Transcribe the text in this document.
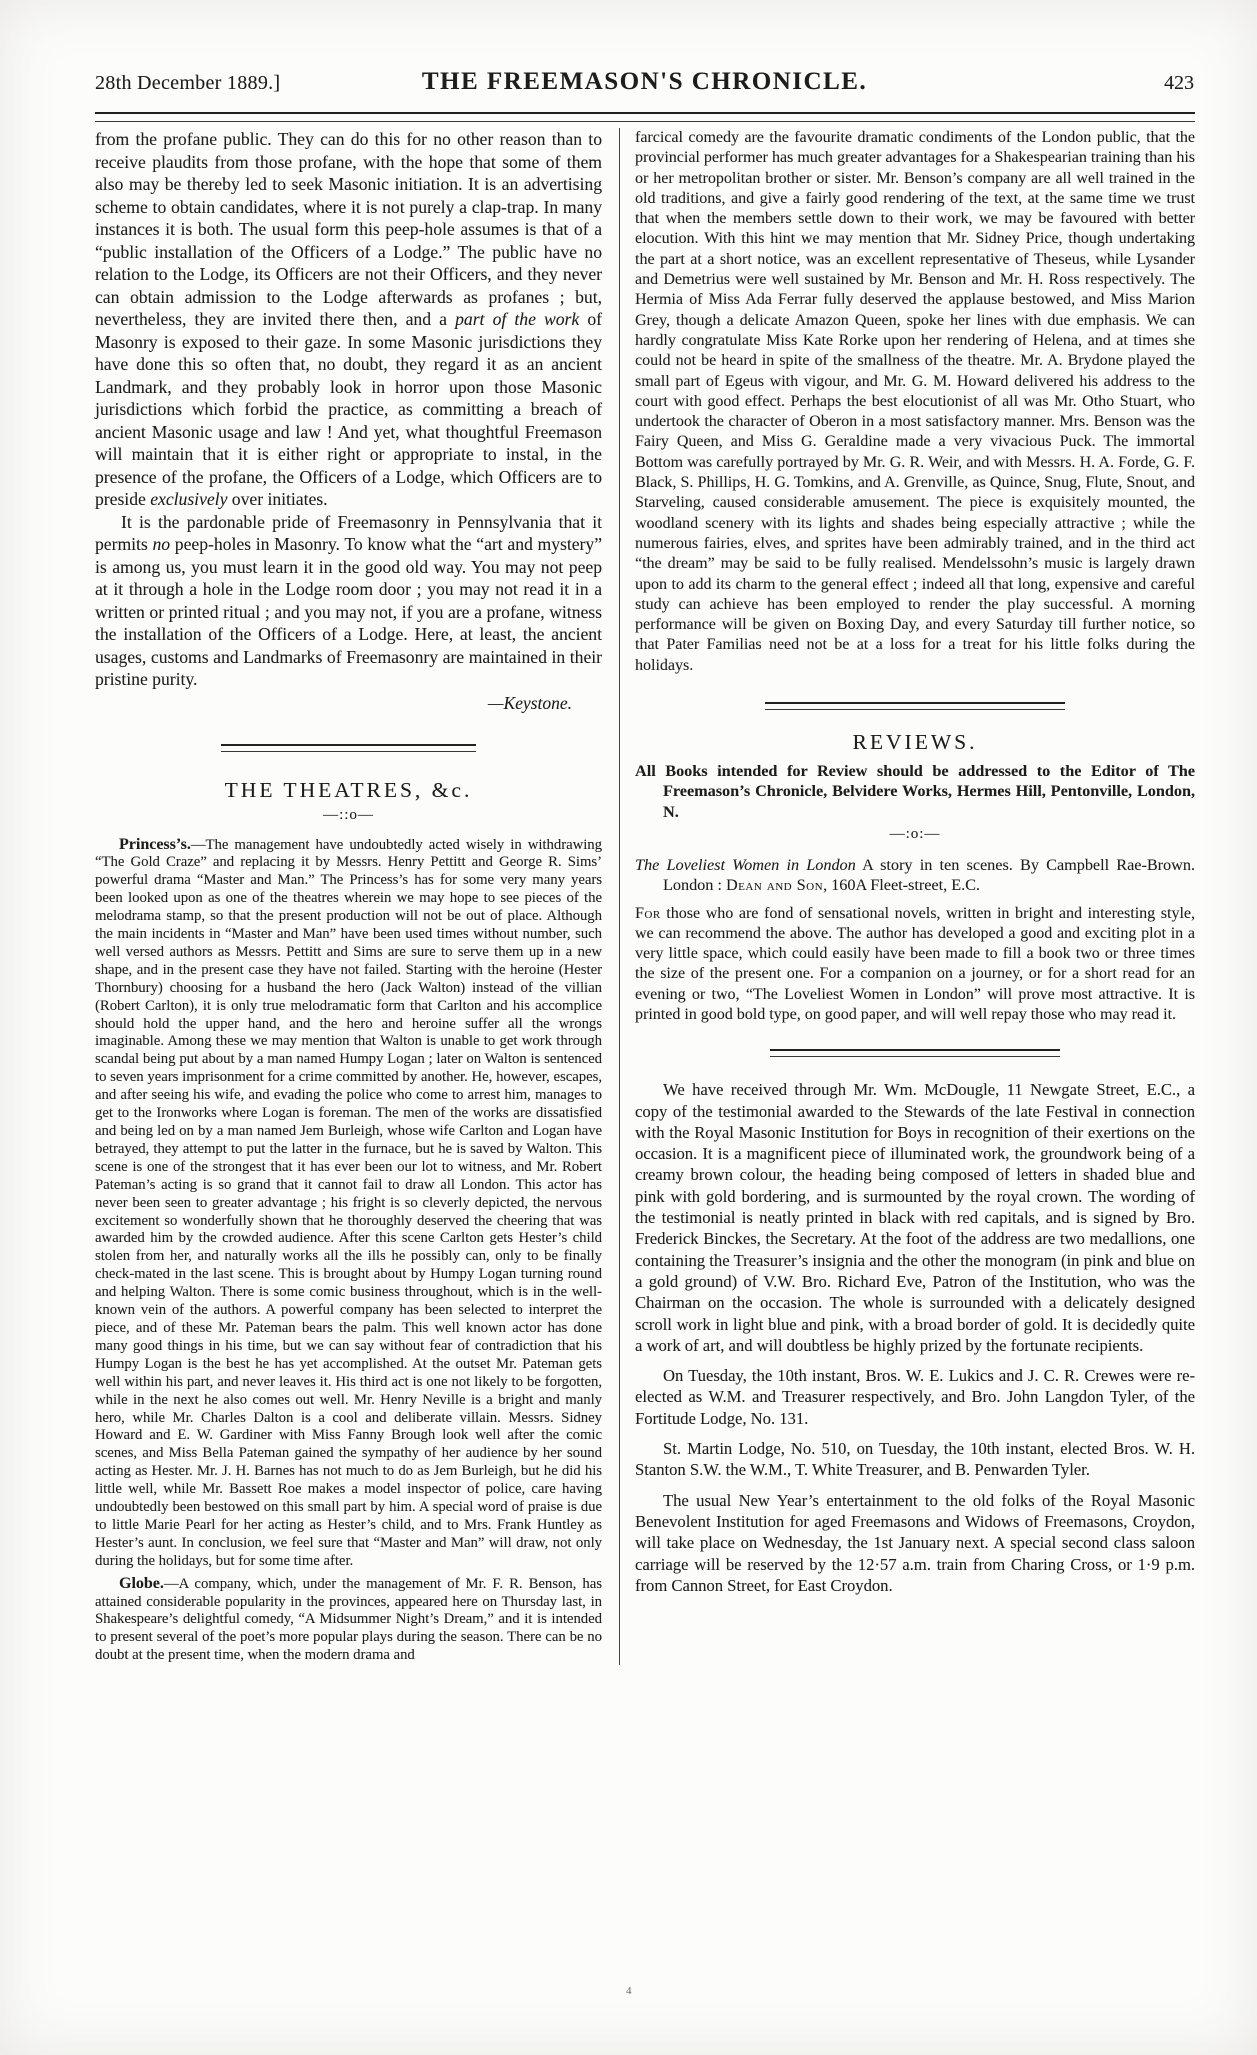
28th December 1889.]	THE FREEMASON'S CHRONICLE.	423

from the profane public. They can do this for no other reason than to receive plaudits from those profane, with the hope that some of them also may be thereby led to seek Masonic initiation. It is an advertising scheme to obtain candidates, where it is not purely a clap-trap. In many instances it is both. The usual form this peep-hole assumes is that of a “public installation of the Officers of a Lodge.” The public have no relation to the Lodge, its Officers are not their Officers, and they never can obtain admission to the Lodge afterwards as profanes ; but, nevertheless, they are invited there then, and a part of the work of Masonry is exposed to their gaze. In some Masonic jurisdictions they have done this so often that, no doubt, they regard it as an ancient Landmark, and they probably look in horror upon those Masonic jurisdictions which forbid the practice, as committing a breach of ancient Masonic usage and law ! And yet, what thoughtful Freemason will maintain that it is either right or appropriate to instal, in the presence of the profane, the Officers of a Lodge, which Officers are to preside exclusively over initiates.

It is the pardonable pride of Freemasonry in Pennsylvania that it permits no peep-holes in Masonry. To know what the “art and mystery” is among us, you must learn it in the good old way. You may not peep at it through a hole in the Lodge room door ; you may not read it in a written or printed ritual ; and you may not, if you are a profane, witness the installation of the Officers of a Lodge. Here, at least, the ancient usages, customs and Landmarks of Freemasonry are maintained in their pristine purity.

—Keystone.

THE THEATRES, &c.
—::o—

Princess’s.—The management have undoubtedly acted wisely in withdrawing “The Gold Craze” and replacing it by Messrs. Henry Pettitt and George R. Sims’ powerful drama “Master and Man.” The Princess’s has for some very many years been looked upon as one of the theatres wherein we may hope to see pieces of the melodrama stamp, so that the present production will not be out of place. Although the main incidents in “Master and Man” have been used times without number, such well versed authors as Messrs. Pettitt and Sims are sure to serve them up in a new shape, and in the present case they have not failed. Starting with the heroine (Hester Thornbury) choosing for a husband the hero (Jack Walton) instead of the villian (Robert Carlton), it is only true melodramatic form that Carlton and his accomplice should hold the upper hand, and the hero and heroine suffer all the wrongs imaginable. Among these we may mention that Walton is unable to get work through scandal being put about by a man named Humpy Logan ; later on Walton is sentenced to seven years imprisonment for a crime committed by another. He, however, escapes, and after seeing his wife, and evading the police who come to arrest him, manages to get to the Ironworks where Logan is foreman. The men of the works are dissatisfied and being led on by a man named Jem Burleigh, whose wife Carlton and Logan have betrayed, they attempt to put the latter in the furnace, but he is saved by Walton. This scene is one of the strongest that it has ever been our lot to witness, and Mr. Robert Pateman’s acting is so grand that it cannot fail to draw all London. This actor has never been seen to greater advantage ; his fright is so cleverly depicted, the nervous excitement so wonderfully shown that he thoroughly deserved the cheering that was awarded him by the crowded audience. After this scene Carlton gets Hester’s child stolen from her, and naturally works all the ills he possibly can, only to be finally check-mated in the last scene. This is brought about by Humpy Logan turning round and helping Walton. There is some comic business throughout, which is in the well-known vein of the authors. A powerful company has been selected to interpret the piece, and of these Mr. Pateman bears the palm. This well known actor has done many good things in his time, but we can say without fear of contradiction that his Humpy Logan is the best he has yet accomplished. At the outset Mr. Pateman gets well within his part, and never leaves it. His third act is one not likely to be forgotten, while in the next he also comes out well. Mr. Henry Neville is a bright and manly hero, while Mr. Charles Dalton is a cool and deliberate villain. Messrs. Sidney Howard and E. W. Gardiner with Miss Fanny Brough look well after the comic scenes, and Miss Bella Pateman gained the sympathy of her audience by her sound acting as Hester. Mr. J. H. Barnes has not much to do as Jem Burleigh, but he did his little well, while Mr. Bassett Roe makes a model inspector of police, care having undoubtedly been bestowed on this small part by him. A special word of praise is due to little Marie Pearl for her acting as Hester’s child, and to Mrs. Frank Huntley as Hester’s aunt. In conclusion, we feel sure that “Master and Man” will draw, not only during the holidays, but for some time after.

Globe.—A company, which, under the management of Mr. F. R. Benson, has attained considerable popularity in the provinces, appeared here on Thursday last, in Shakespeare’s delightful comedy, “A Midsummer Night’s Dream,” and it is intended to present several of the poet’s more popular plays during the season. There can be no doubt at the present time, when the modern drama and

farcical comedy are the favourite dramatic condiments of the London public, that the provincial performer has much greater advantages for a Shakespearian training than his or her metropolitan brother or sister. Mr. Benson’s company are all well trained in the old traditions, and give a fairly good rendering of the text, at the same time we trust that when the members settle down to their work, we may be favoured with better elocution. With this hint we may mention that Mr. Sidney Price, though undertaking the part at a short notice, was an excellent representative of Theseus, while Lysander and Demetrius were well sustained by Mr. Benson and Mr. H. Ross respectively. The Hermia of Miss Ada Ferrar fully deserved the applause bestowed, and Miss Marion Grey, though a delicate Amazon Queen, spoke her lines with due emphasis. We can hardly congratulate Miss Kate Rorke upon her rendering of Helena, and at times she could not be heard in spite of the smallness of the theatre. Mr. A. Brydone played the small part of Egeus with vigour, and Mr. G. M. Howard delivered his address to the court with good effect. Perhaps the best elocutionist of all was Mr. Otho Stuart, who undertook the character of Oberon in a most satisfactory manner. Mrs. Benson was the Fairy Queen, and Miss G. Geraldine made a very vivacious Puck. The immortal Bottom was carefully portrayed by Mr. G. R. Weir, and with Messrs. H. A. Forde, G. F. Black, S. Phillips, H. G. Tomkins, and A. Grenville, as Quince, Snug, Flute, Snout, and Starveling, caused considerable amusement. The piece is exquisitely mounted, the woodland scenery with its lights and shades being especially attractive ; while the numerous fairies, elves, and sprites have been admirably trained, and in the third act “the dream” may be said to be fully realised. Mendelssohn’s music is largely drawn upon to add its charm to the general effect ; indeed all that long, expensive and careful study can achieve has been employed to render the play successful. A morning performance will be given on Boxing Day, and every Saturday till further notice, so that Pater Familias need not be at a loss for a treat for his little folks during the holidays.

REVIEWS.

All Books intended for Review should be addressed to the Editor of The Freemason’s Chronicle, Belvidere Works, Hermes Hill, Pentonville, London, N.

—:o:—

The Loveliest Women in London A story in ten scenes. By Campbell Rae-Brown. London : Dean and Son, 160A Fleet-street, E.C.

For those who are fond of sensational novels, written in bright and interesting style, we can recommend the above. The author has developed a good and exciting plot in a very little space, which could easily have been made to fill a book two or three times the size of the present one. For a companion on a journey, or for a short read for an evening or two, “The Loveliest Women in London” will prove most attractive. It is printed in good bold type, on good paper, and will well repay those who may read it.

We have received through Mr. Wm. McDougle, 11 Newgate Street, E.C., a copy of the testimonial awarded to the Stewards of the late Festival in connection with the Royal Masonic Institution for Boys in recognition of their exertions on the occasion. It is a magnificent piece of illuminated work, the groundwork being of a creamy brown colour, the heading being composed of letters in shaded blue and pink with gold bordering, and is surmounted by the royal crown. The wording of the testimonial is neatly printed in black with red capitals, and is signed by Bro. Frederick Binckes, the Secretary. At the foot of the address are two medallions, one containing the Treasurer’s insignia and the other the monogram (in pink and blue on a gold ground) of V.W. Bro. Richard Eve, Patron of the Institution, who was the Chairman on the occasion. The whole is surrounded with a delicately designed scroll work in light blue and pink, with a broad border of gold. It is decidedly quite a work of art, and will doubtless be highly prized by the fortunate recipients.

On Tuesday, the 10th instant, Bros. W. E. Lukics and J. C. R. Crewes were re-elected as W.M. and Treasurer respectively, and Bro. John Langdon Tyler, of the Fortitude Lodge, No. 131.

St. Martin Lodge, No. 510, on Tuesday, the 10th instant, elected Bros. W. H. Stanton S.W. the W.M., T. White Treasurer, and B. Penwarden Tyler.

The usual New Year’s entertainment to the old folks of the Royal Masonic Benevolent Institution for aged Freemasons and Widows of Freemasons, Croydon, will take place on Wednesday, the 1st January next. A special second class saloon carriage will be reserved by the 12·57 a.m. train from Charing Cross, or 1·9 p.m. from Cannon Street, for East Croydon.

4
